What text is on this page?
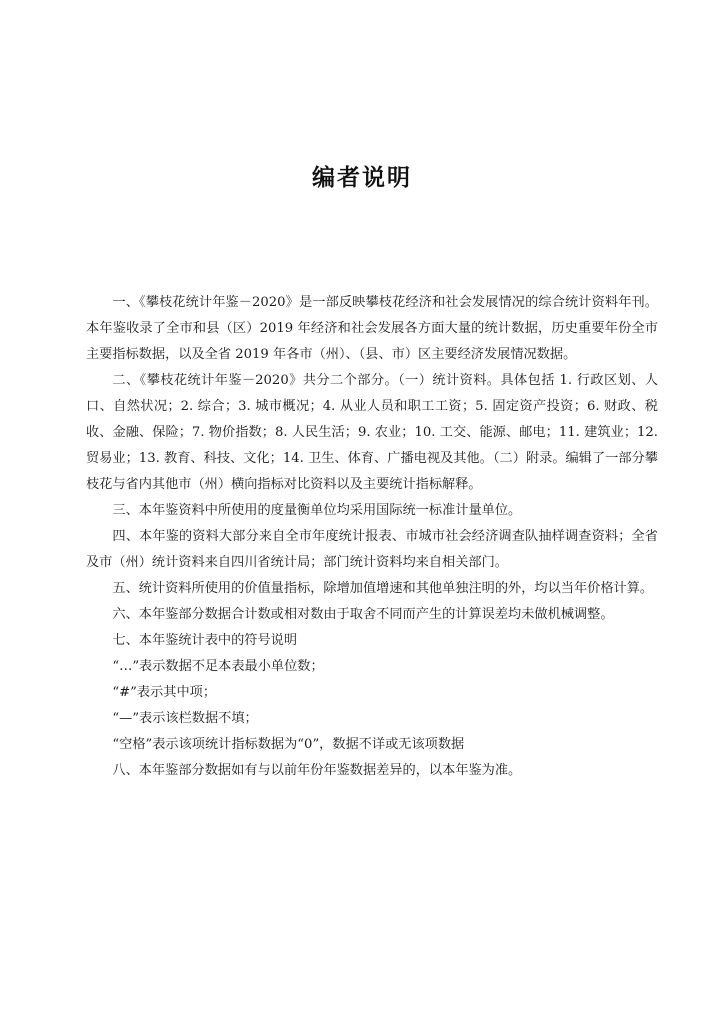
编者说明

一、《攀枝花统计年鉴－2020》是一部反映攀枝花经济和社会发展情况的综合统计资料年刊。本年鉴收录了全市和县（区）2019 年经济和社会发展各方面大量的统计数据，历史重要年份全市主要指标数据，以及全省 2019 年各市（州）、（县、市）区主要经济发展情况数据。

二、《攀枝花统计年鉴－2020》共分二个部分。（一）统计资料。具体包括 1. 行政区划、人口、自然状况；2. 综合；3. 城市概况；4. 从业人员和职工工资；5. 固定资产投资；6. 财政、税收、金融、保险；7. 物价指数；8. 人民生活；9. 农业；10. 工交、能源、邮电；11. 建筑业；12. 贸易业；13. 教育、科技、文化；14. 卫生、体育、广播电视及其他。（二）附录。编辑了一部分攀枝花与省内其他市（州）横向指标对比资料以及主要统计指标解释。

三、本年鉴资料中所使用的度量衡单位均采用国际统一标准计量单位。

四、本年鉴的资料大部分来自全市年度统计报表、市城市社会经济调查队抽样调查资料；全省及市（州）统计资料来自四川省统计局；部门统计资料均来自相关部门。

五、统计资料所使用的价值量指标，除增加值增速和其他单独注明的外，均以当年价格计算。

六、本年鉴部分数据合计数或相对数由于取舍不同而产生的计算误差均未做机械调整。

七、本年鉴统计表中的符号说明

“…”表示数据不足本表最小单位数；

“#”表示其中项；

“—”表示该栏数据不填；

“空格”表示该项统计指标数据为“0”，数据不详或无该项数据

八、本年鉴部分数据如有与以前年份年鉴数据差异的，以本年鉴为准。
